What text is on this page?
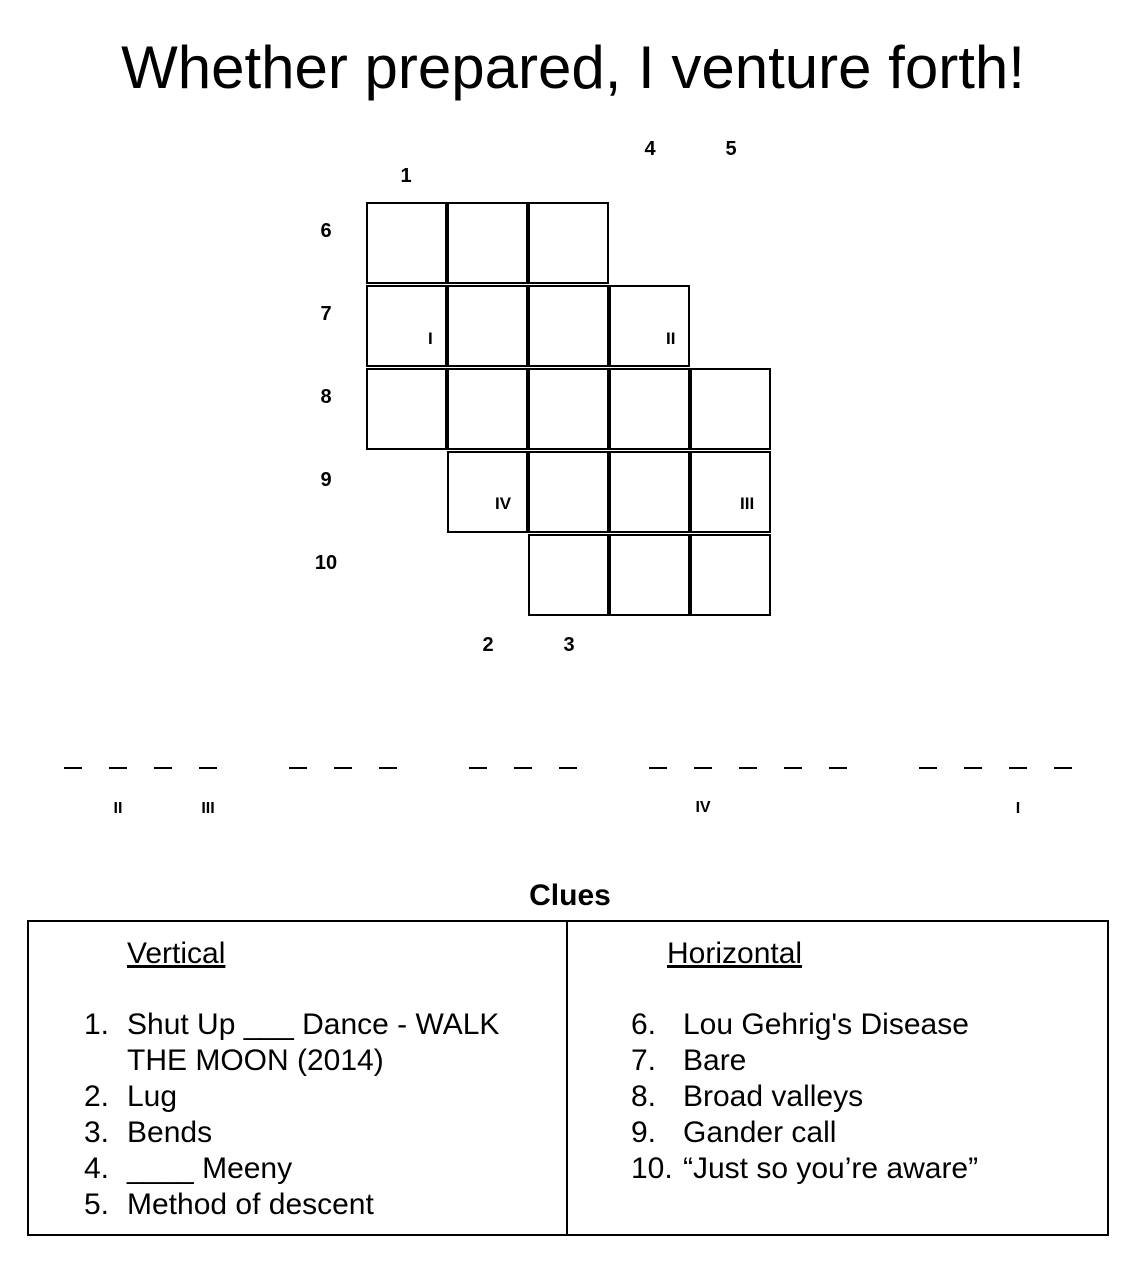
Whether prepared, I venture forth!
1
4	5
6
7
8
9
10
2	3
I	II
IV	III
II	III	IV	I
Clues
Vertical	Horizontal
1. Shut Up ___ Dance - WALK
THE MOON (2014)
2. Lug
3. Bends
4. ____ Meeny
5. Method of descent
6. Lou Gehrig's Disease
7. Bare
8. Broad valleys
9. Gander call
10. “Just so you’re aware”
